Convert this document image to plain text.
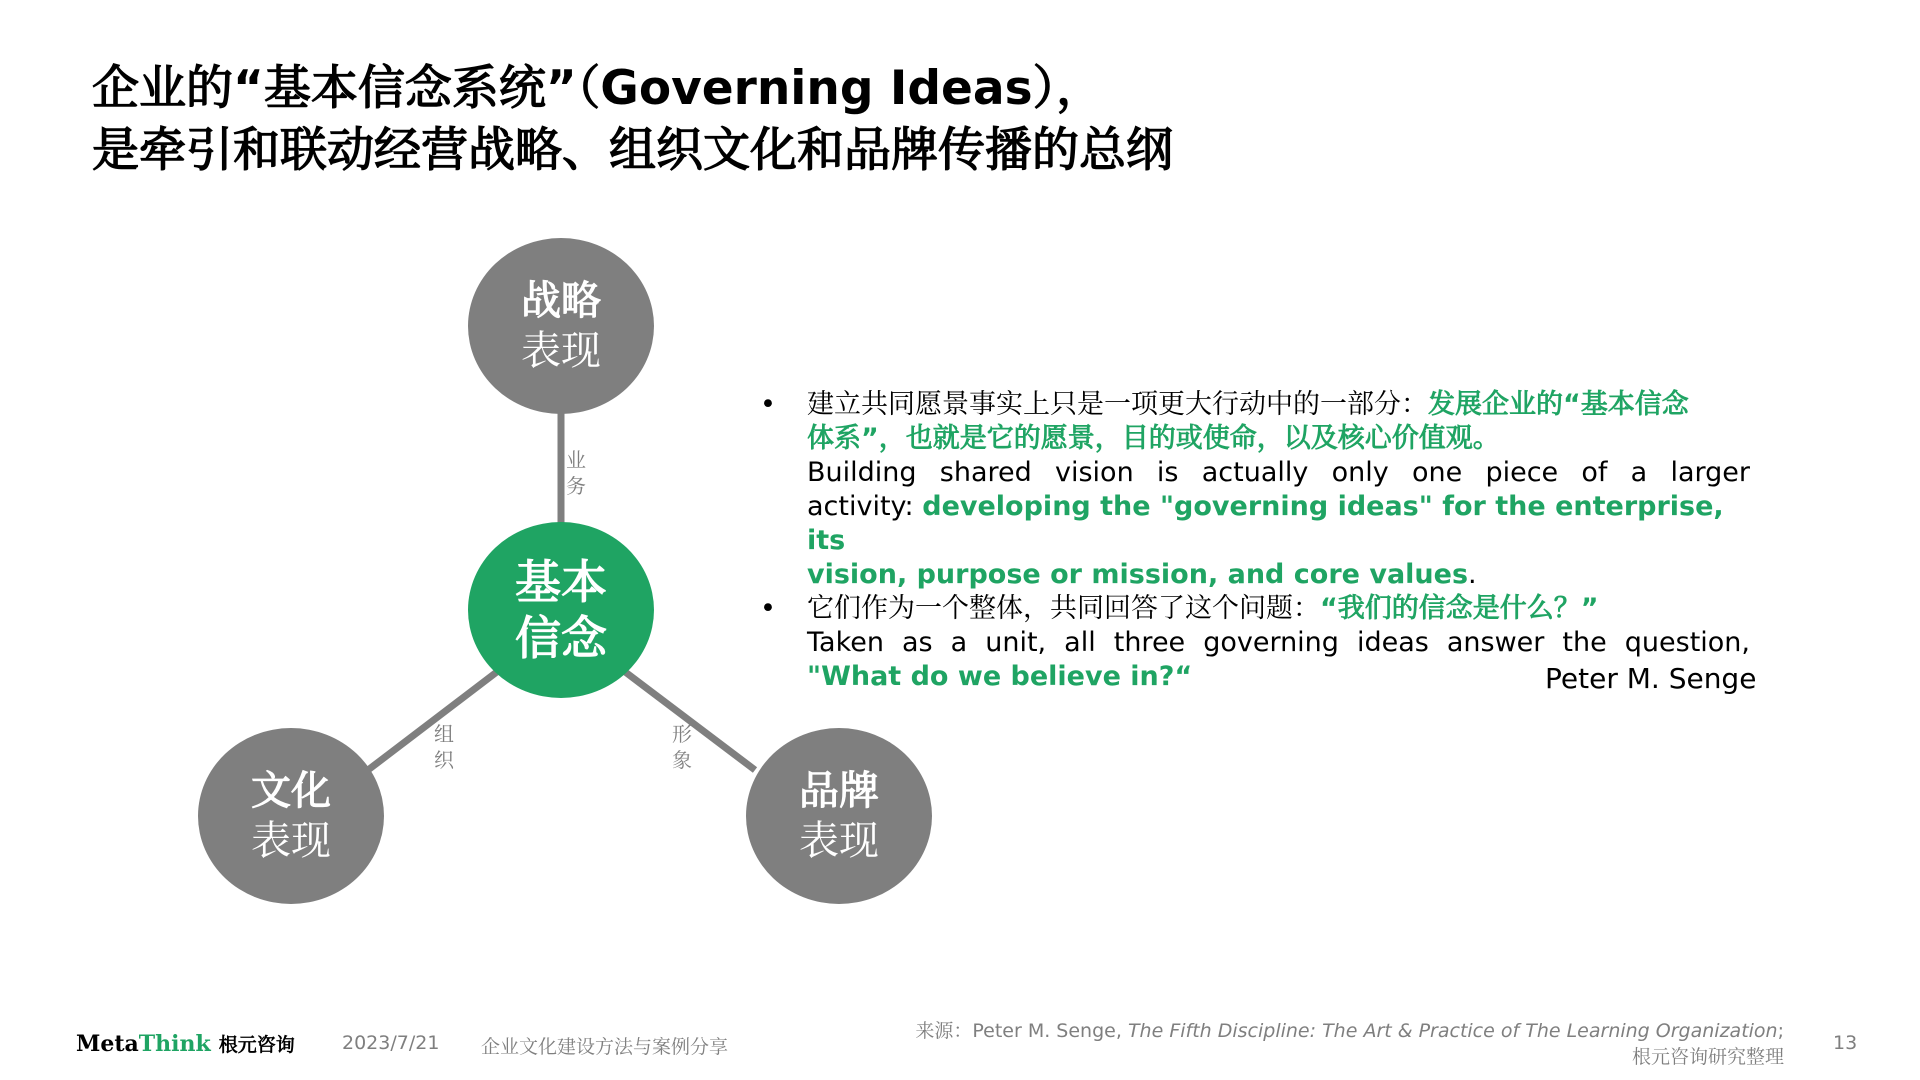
企业的“基本信念系统”（Governing Ideas），
是牵引和联动经营战略、组织文化和品牌传播的总纲
战略
表现
基本
信念
文化
表现
品牌
表现
业
务
组
织
形
象
• 建立共同愿景事实上只是一项更大行动中的一部分：发展企业的“基本信念
体系”，也就是它的愿景，目的或使命，以及核心价值观。
Building shared vision is actually only one piece of a larger
activity: developing the "governing ideas" for the enterprise, its
vision, purpose or mission, and core values.
• 它们作为一个整体，共同回答了这个问题：“我们的信念是什么？”
Taken as a unit, all three governing ideas answer the question,
"What do we believe in?“	Peter M. Senge
MetaThink 根元咨询 2023/7/21 企业文化建设方法与案例分享
来源：Peter M. Senge, The Fifth Discipline: The Art & Practice of The Learning Organization;
根元咨询研究整理
13
